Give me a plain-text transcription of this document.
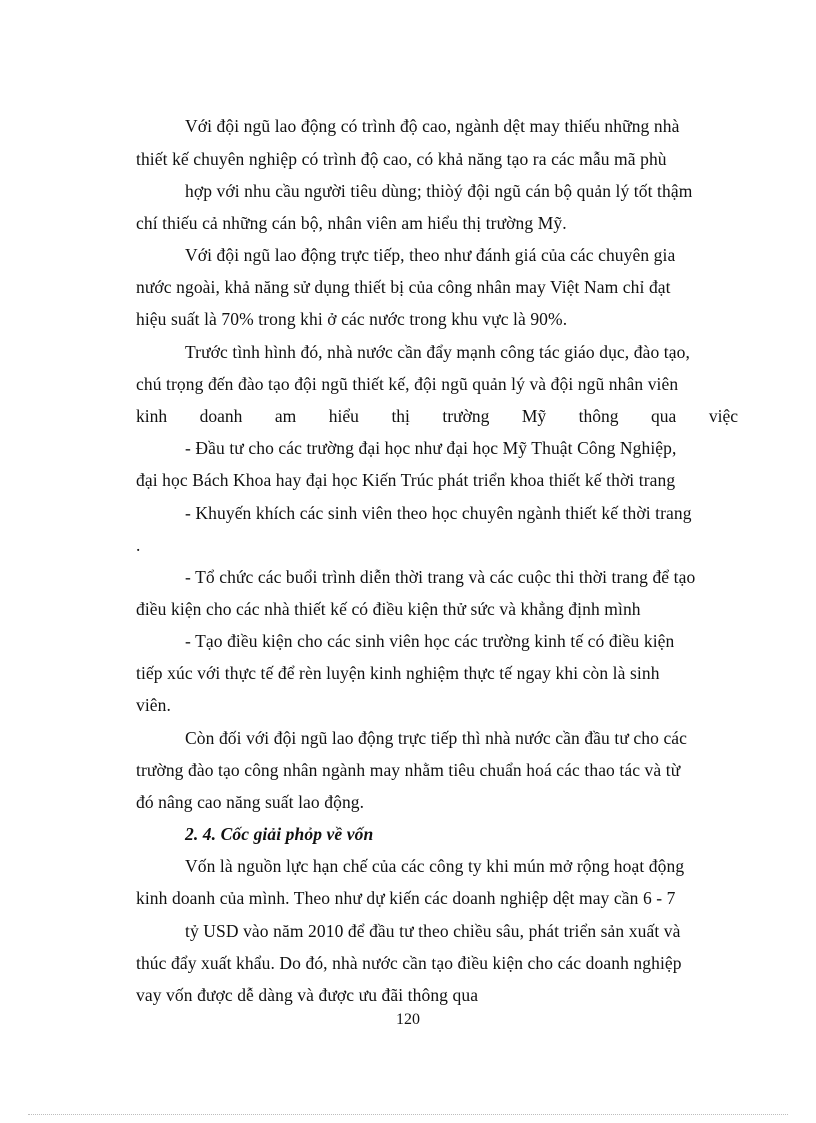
Với đội ngũ lao động có trình độ cao, ngành dệt may thiếu những nhà
thiết kế chuyên nghiệp có trình độ cao, có khả năng tạo ra các mẫu mã phù
hợp với nhu cầu người tiêu dùng; thiòý đội ngũ cán bộ quản lý tốt thậm
chí thiếu cả những cán bộ, nhân viên am hiểu thị trường Mỹ.
Với đội ngũ lao động trực tiếp, theo như đánh giá của các chuyên gia
nước ngoài, khả năng sử dụng thiết bị của công nhân may Việt Nam chỉ đạt
hiệu suất là 70% trong khi ở các nước trong khu vực là 90%.
Trước tình hình đó, nhà nước cần đẩy mạnh công tác giáo dục, đào tạo,
chú trọng đến đào tạo đội ngũ thiết kế, đội ngũ quản lý và đội ngũ nhân viên
kinh doanh am hiểu thị trường Mỹ thông qua việc
- Đầu tư cho các trường đại học như đại học Mỹ Thuật Công Nghiệp,
đại học Bách Khoa hay đại học Kiến Trúc phát triển khoa thiết kế thời trang
- Khuyến khích các sinh viên theo học chuyên ngành thiết kế thời trang
.
- Tổ chức các buổi trình diễn thời trang và các cuộc thi thời trang để tạo
điều kiện cho các nhà thiết kế có điều kiện thử sức và khẳng định mình
- Tạo điều kiện cho các sinh viên học các trường kinh tế có điều kiện
tiếp xúc với thực tế để rèn luyện kinh nghiệm thực tế ngay khi còn là sinh
viên.
Còn đối với đội ngũ lao động trực tiếp thì nhà nước cần đầu tư cho các
trường đào tạo công nhân ngành may nhằm tiêu chuẩn hoá các thao tác và từ
đó nâng cao năng suất lao động.
2. 4. Cốc giải phỏp về vốn
Vốn là nguồn lực hạn chế của các công ty khi mún mở rộng hoạt động
kinh doanh của mình. Theo như dự kiến các doanh nghiệp dệt may cần 6 - 7
tỷ USD vào năm 2010 để đầu tư theo chiều sâu, phát triển sản xuất và
thúc đẩy xuất khẩu. Do đó, nhà nước cần tạo điều kiện cho các doanh nghiệp
vay vốn được dễ dàng và được ưu đãi thông qua
120
